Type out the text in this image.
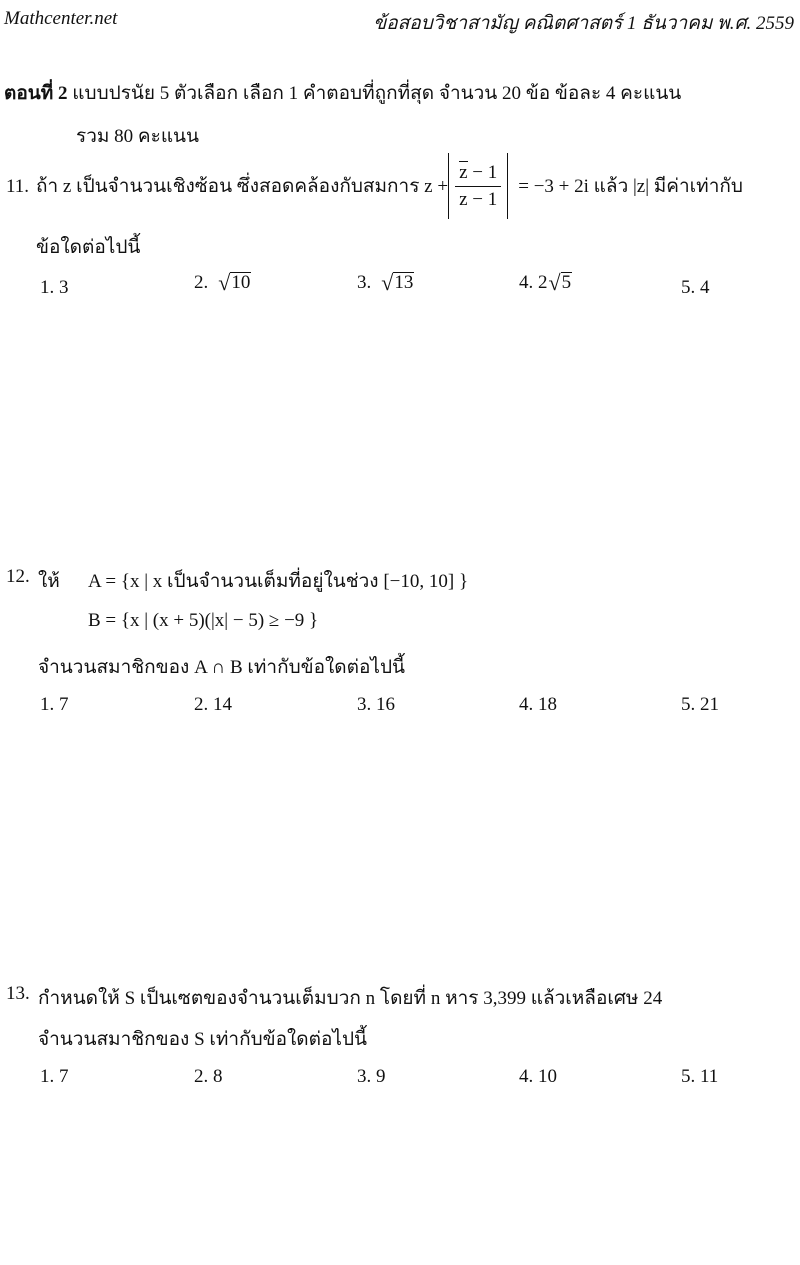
Mathcenter.net	ข้อสอบวิชาสามัญ คณิตศาสตร์ 1 ธันวาคม พ.ศ. 2559
ตอนที่ 2 แบบปรนัย 5 ตัวเลือก เลือก 1 คำตอบที่ถูกที่สุด จำนวน 20 ข้อ ข้อละ 4 คะแนน
รวม 80 คะแนน
11. ถ้า z เป็นจำนวนเชิงซ้อน ซึ่งสอดคล้องกับสมการ $z + \frac{z - 1}{z - 1} = -3 + 2i$ แล้ว |z| มีค่าเท่ากับ
ข้อใดต่อไปนี้
1. 3	2. √ 10	3. √ 13	4. 2 √ 5	5. 4
12. ให้ A = {x | x เป็นจำนวนเต็มที่อยู่ในช่วง [−10, 10] }
B = {x | (x + 5)(|x| − 5) ≥ −9 }
จำนวนสมาชิกของ A ∩ B เท่ากับข้อใดต่อไปนี้
1. 7	2. 14	3. 16	4. 18	5. 21
13. กำหนดให้ S เป็นเซตของจำนวนเต็มบวก n โดยที่ n หาร 3,399 แล้วเหลือเศษ 24
จำนวนสมาชิกของ S เท่ากับข้อใดต่อไปนี้
1. 7	2. 8	3. 9	4. 10	5. 11
